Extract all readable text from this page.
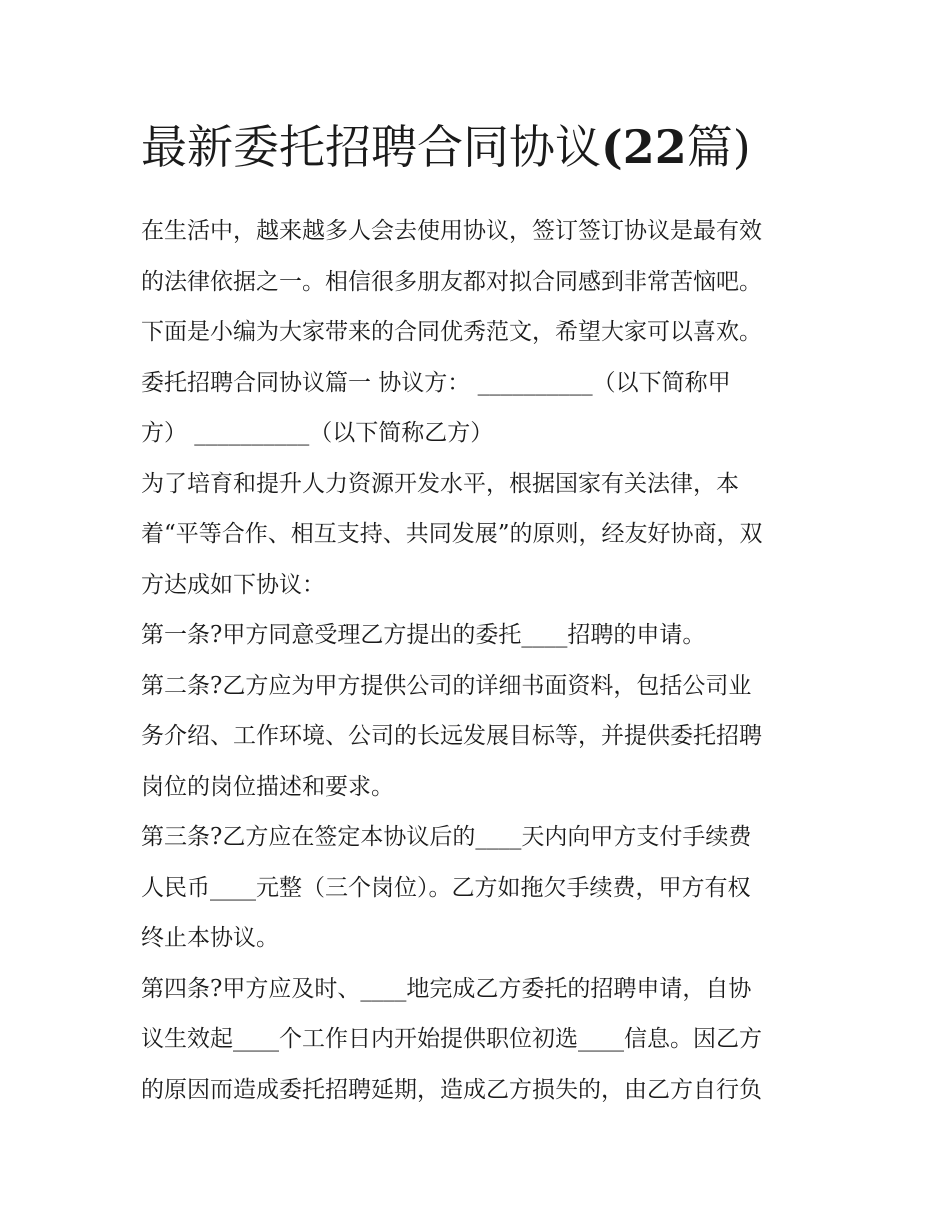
最新委托招聘合同协议(22篇)

在生活中，越来越多人会去使用协议，签订签订协议是最有效

的法律依据之一。相信很多朋友都对拟合同感到非常苦恼吧。

下面是小编为大家带来的合同优秀范文，希望大家可以喜欢。

委托招聘合同协议篇一 协议方： __________（以下简称甲

方） __________（以下简称乙方）

为了培育和提升人力资源开发水平，根据国家有关法律，本

着“平等合作、相互支持、共同发展”的原则，经友好协商，双

方达成如下协议：

第一条?甲方同意受理乙方提出的委托____招聘的申请。

第二条?乙方应为甲方提供公司的详细书面资料，包括公司业

务介绍、工作环境、公司的长远发展目标等，并提供委托招聘

岗位的岗位描述和要求。

第三条?乙方应在签定本协议后的____天内向甲方支付手续费

人民币____元整（三个岗位）。乙方如拖欠手续费，甲方有权

终止本协议。

第四条?甲方应及时、____地完成乙方委托的招聘申请，自协

议生效起____个工作日内开始提供职位初选____信息。因乙方

的原因而造成委托招聘延期，造成乙方损失的，由乙方自行负
